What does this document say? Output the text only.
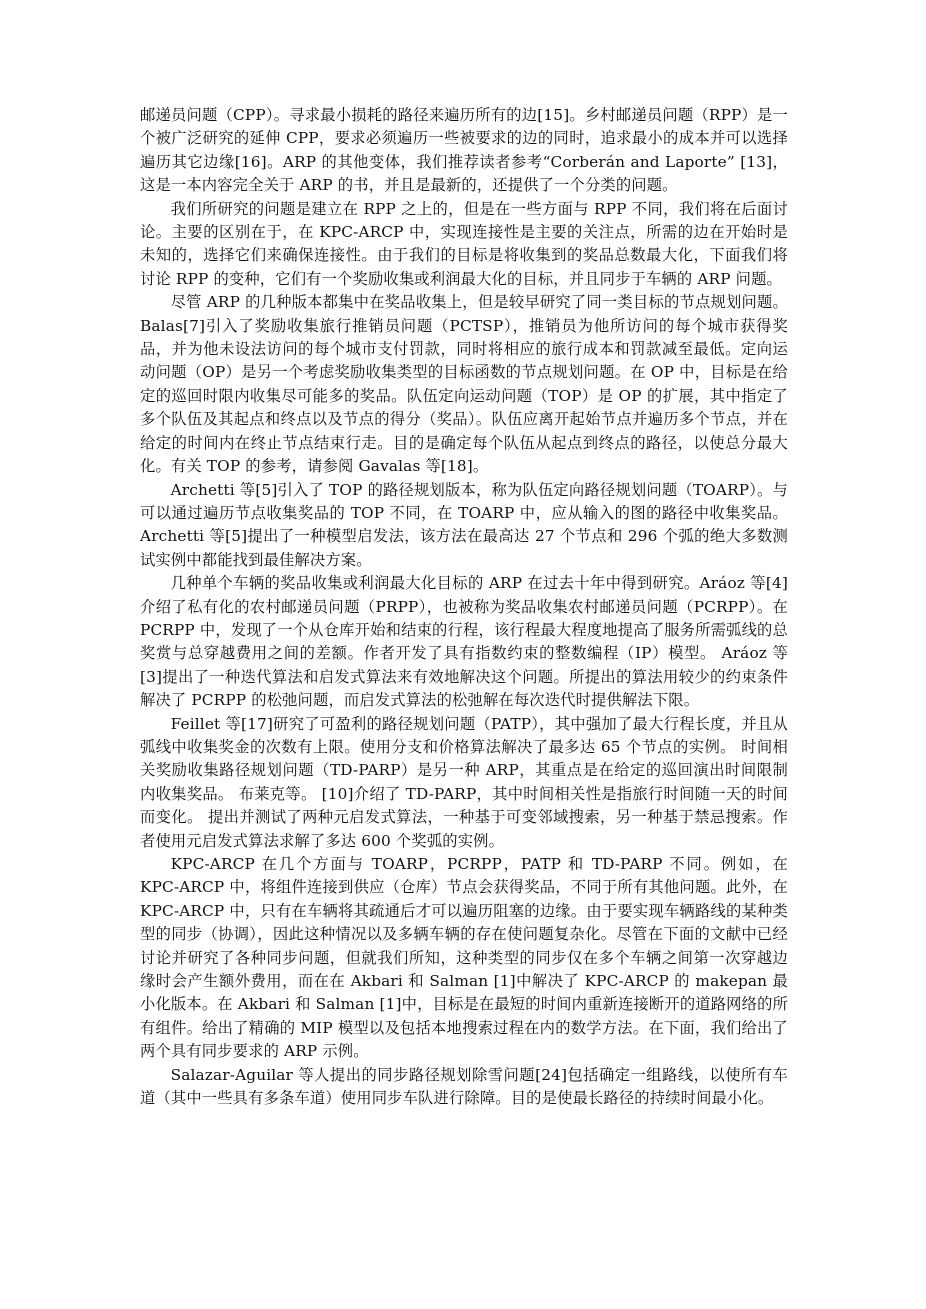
邮递员问题（CPP）。寻求最小损耗的路径来遍历所有的边[15]。乡村邮递员问题（RPP）是一个被广泛研究的延伸 CPP，要求必须遍历一些被要求的边的同时，追求最小的成本并可以选择遍历其它边缘[16]。ARP 的其他变体，我们推荐读者参考“Corberán and Laporte” [13]，这是一本内容完全关于 ARP 的书，并且是最新的，还提供了一个分类的问题。

我们所研究的问题是建立在 RPP 之上的，但是在一些方面与 RPP 不同，我们将在后面讨论。主要的区别在于，在 KPC-ARCP 中，实现连接性是主要的关注点，所需的边在开始时是未知的，选择它们来确保连接性。由于我们的目标是将收集到的奖品总数最大化，下面我们将讨论 RPP 的变种，它们有一个奖励收集或利润最大化的目标，并且同步于车辆的 ARP 问题。

尽管 ARP 的几种版本都集中在奖品收集上，但是较早研究了同一类目标的节点规划问题。 Balas[7]引入了奖励收集旅行推销员问题（PCTSP），推销员为他所访问的每个城市获得奖品，并为他未设法访问的每个城市支付罚款，同时将相应的旅行成本和罚款减至最低。定向运动问题（OP）是另一个考虑奖励收集类型的目标函数的节点规划问题。在 OP 中，目标是在给定的巡回时限内收集尽可能多的奖品。队伍定向运动问题（TOP）是 OP 的扩展，其中指定了多个队伍及其起点和终点以及节点的得分（奖品）。队伍应离开起始节点并遍历多个节点，并在给定的时间内在终止节点结束行走。目的是确定每个队伍从起点到终点的路径，以使总分最大化。有关 TOP 的参考，请参阅 Gavalas 等[18]。

Archetti 等[5]引入了 TOP 的路径规划版本，称为队伍定向路径规划问题（TOARP）。与可以通过遍历节点收集奖品的 TOP 不同，在 TOARP 中，应从输入的图的路径中收集奖品。Archetti 等[5]提出了一种模型启发法，该方法在最高达 27 个节点和 296 个弧的绝大多数测试实例中都能找到最佳解决方案。

几种单个车辆的奖品收集或利润最大化目标的 ARP 在过去十年中得到研究。Aráoz 等[4]介绍了私有化的农村邮递员问题（PRPP），也被称为奖品收集农村邮递员问题（PCRPP）。在 PCRPP 中，发现了一个从仓库开始和结束的行程，该行程最大程度地提高了服务所需弧线的总奖赏与总穿越费用之间的差额。作者开发了具有指数约束的整数编程（IP）模型。 Aráoz 等[3]提出了一种迭代算法和启发式算法来有效地解决这个问题。所提出的算法用较少的约束条件解决了 PCRPP 的松弛问题，而启发式算法的松弛解在每次迭代时提供解法下限。

Feillet 等[17]研究了可盈利的路径规划问题（PATP），其中强加了最大行程长度，并且从弧线中收集奖金的次数有上限。使用分支和价格算法解决了最多达 65 个节点的实例。 时间相关奖励收集路径规划问题（TD-PARP）是另一种 ARP，其重点是在给定的巡回演出时间限制内收集奖品。 布莱克等。 [10]介绍了 TD-PARP，其中时间相关性是指旅行时间随一天的时间而变化。 提出并测试了两种元启发式算法，一种基于可变邻域搜索，另一种基于禁忌搜索。作者使用元启发式算法求解了多达 600 个奖弧的实例。

KPC-ARCP 在几个方面与 TOARP，PCRPP，PATP 和 TD-PARP 不同。例如，在 KPC-ARCP 中，将组件连接到供应（仓库）节点会获得奖品，不同于所有其他问题。此外，在 KPC-ARCP 中，只有在车辆将其疏通后才可以遍历阻塞的边缘。由于要实现车辆路线的某种类型的同步（协调），因此这种情况以及多辆车辆的存在使问题复杂化。尽管在下面的文献中已经讨论并研究了各种同步问题，但就我们所知，这种类型的同步仅在多个车辆之间第一次穿越边缘时会产生额外费用，而在在 Akbari 和 Salman [1]中解决了 KPC-ARCP 的 makepan 最小化版本。在 Akbari 和 Salman [1]中，目标是在最短的时间内重新连接断开的道路网络的所有组件。给出了精确的 MIP 模型以及包括本地搜索过程在内的数学方法。在下面，我们给出了两个具有同步要求的 ARP 示例。

Salazar-Aguilar 等人提出的同步路径规划除雪问题[24]包括确定一组路线，以使所有车道（其中一些具有多条车道）使用同步车队进行除障。目的是使最长路径的持续时间最小化。
